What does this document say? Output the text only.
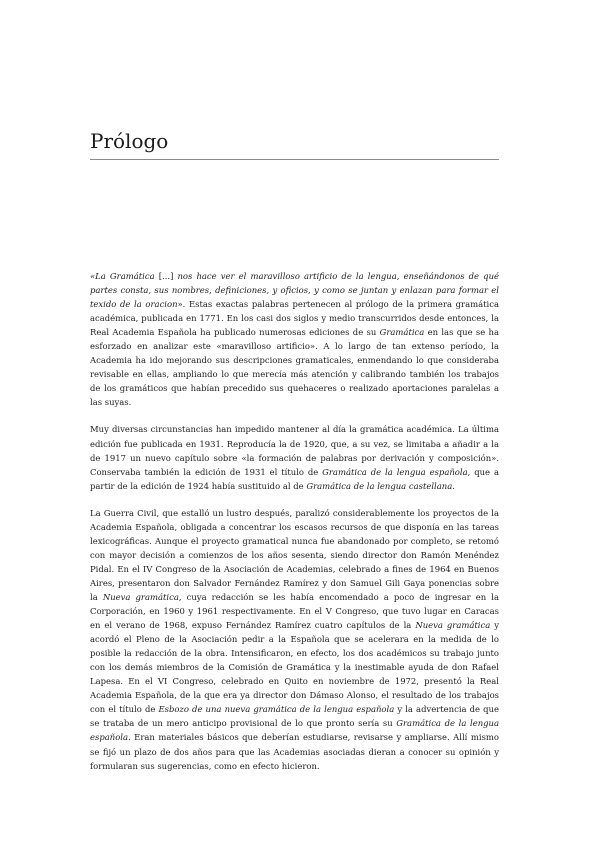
Prólogo

«La Gramática [...] nos hace ver el maravilloso artificio de la lengua, enseñándonos de qué partes consta, sus nombres, definiciones, y oficios, y como se juntan y enlazan para formar el texido de la oracion». Estas exactas palabras pertenecen al prólogo de la primera gramática académica, publicada en 1771. En los casi dos siglos y medio transcurridos desde entonces, la Real Academia Española ha publicado numerosas ediciones de su Gramática en las que se ha esforzado en analizar este «maravilloso artificio». A lo largo de tan extenso período, la Academia ha ido mejorando sus descripciones gramaticales, enmendando lo que consideraba revisable en ellas, ampliando lo que merecía más atención y calibrando también los trabajos de los gramáticos que habían precedido sus quehaceres o realizado aportaciones paralelas a las suyas.

Muy diversas circunstancias han impedido mantener al día la gramática académica. La última edición fue publicada en 1931. Reproducía la de 1920, que, a su vez, se limitaba a añadir a la de 1917 un nuevo capítulo sobre «la formación de palabras por derivación y composición». Conservaba también la edición de 1931 el título de Gramática de la lengua española, que a partir de la edición de 1924 había sustituido al de Gramática de la lengua castellana.

La Guerra Civil, que estalló un lustro después, paralizó considerablemente los proyectos de la Academia Española, obligada a concentrar los escasos recursos de que disponía en las tareas lexicográficas. Aunque el proyecto gramatical nunca fue abandonado por completo, se retomó con mayor decisión a comienzos de los años sesenta, siendo director don Ramón Menéndez Pidal. En el IV Congreso de la Asociación de Academias, celebrado a fines de 1964 en Buenos Aires, presentaron don Salvador Fernández Ramírez y don Samuel Gili Gaya ponencias sobre la Nueva gramática, cuya redacción se les había encomendado a poco de ingresar en la Corporación, en 1960 y 1961 respectivamente. En el V Congreso, que tuvo lugar en Caracas en el verano de 1968, expuso Fernández Ramírez cuatro capítulos de la Nueva gramática y acordó el Pleno de la Asociación pedir a la Española que se acelerara en la medida de lo posible la redacción de la obra. Intensificaron, en efecto, los dos académicos su trabajo junto con los demás miembros de la Comisión de Gramática y la inestimable ayuda de don Rafael Lapesa. En el VI Congreso, celebrado en Quito en noviembre de 1972, presentó la Real Academia Española, de la que era ya director don Dámaso Alonso, el resultado de los trabajos con el título de Esbozo de una nueva gramática de la lengua española y la advertencia de que se trataba de un mero anticipo provisional de lo que pronto sería su Gramática de la lengua española. Eran materiales básicos que deberían estudiarse, revisarse y ampliarse. Allí mismo se fijó un plazo de dos años para que las Academias asociadas dieran a conocer su opinión y formularan sus sugerencias, como en efecto hicieron.
